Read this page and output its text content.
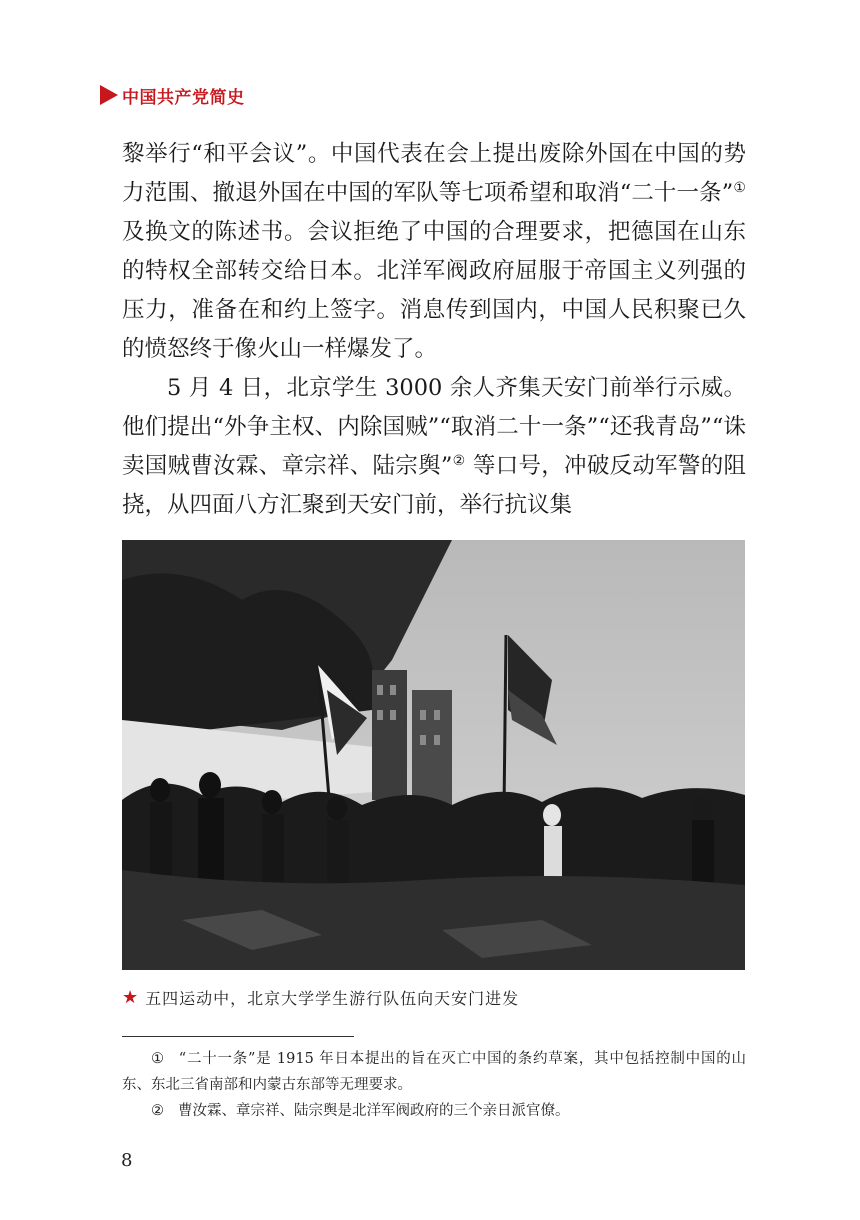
中国共产党简史

黎举行“和平会议”。中国代表在会上提出废除外国在中国的势力范围、撤退外国在中国的军队等七项希望和取消“二十一条”① 及换文的陈述书。会议拒绝了中国的合理要求，把德国在山东的特权全部转交给日本。北洋军阀政府屈服于帝国主义列强的压力，准备在和约上签字。消息传到国内，中国人民积聚已久的愤怒终于像火山一样爆发了。

5 月 4 日，北京学生 3000 余人齐集天安门前举行示威。他们提出“外争主权、内除国贼”“取消二十一条”“还我青岛”“诛卖国贼曹汝霖、章宗祥、陆宗舆”② 等口号，冲破反动军警的阻挠，从四面八方汇聚到天安门前，举行抗议集

★ 五四运动中，北京大学学生游行队伍向天安门进发

① “二十一条”是 1915 年日本提出的旨在灭亡中国的条约草案，其中包括控制中国的山东、东北三省南部和内蒙古东部等无理要求。

② 曹汝霖、章宗祥、陆宗舆是北洋军阀政府的三个亲日派官僚。

8
